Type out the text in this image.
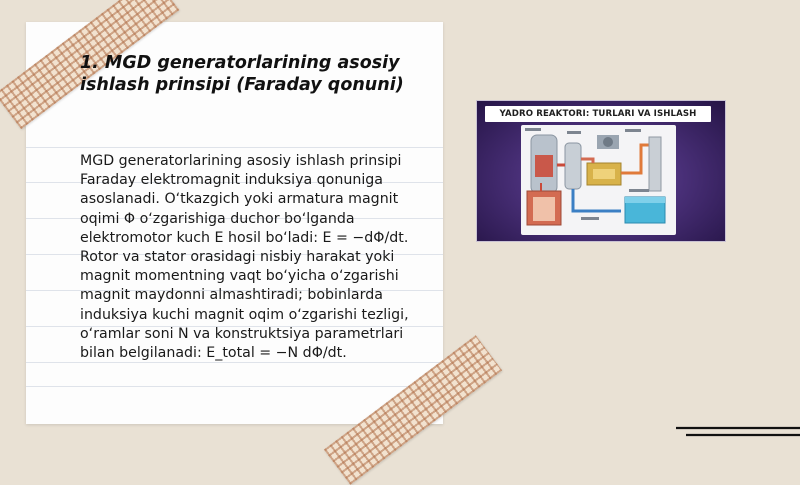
1. MGD generatorlarining asosiy ishlash prinsipi (Faraday qonuni)

MGD generatorlarining asosiy ishlash prinsipi Faraday elektromagnit induksiya qonuniga asoslanadi. O‘tkazgich yoki armatura magnit oqimi Φ o‘zgarishiga duchor bo‘lganda elektromotor kuch E hosil bo‘ladi: E = −dΦ/dt. Rotor va stator orasidagi nisbiy harakat yoki magnit momentning vaqt bo‘yicha o‘zgarishi magnit maydonni almashtiradi; bobinlarda induksiya kuchi magnit oqim o‘zgarishi tezligi, o‘ramlar soni N va konstruktsiya parametrlari bilan belgilanadi: E_total = −N dΦ/dt.

YADRO REAKTORI: TURLARI VA ISHLASH
